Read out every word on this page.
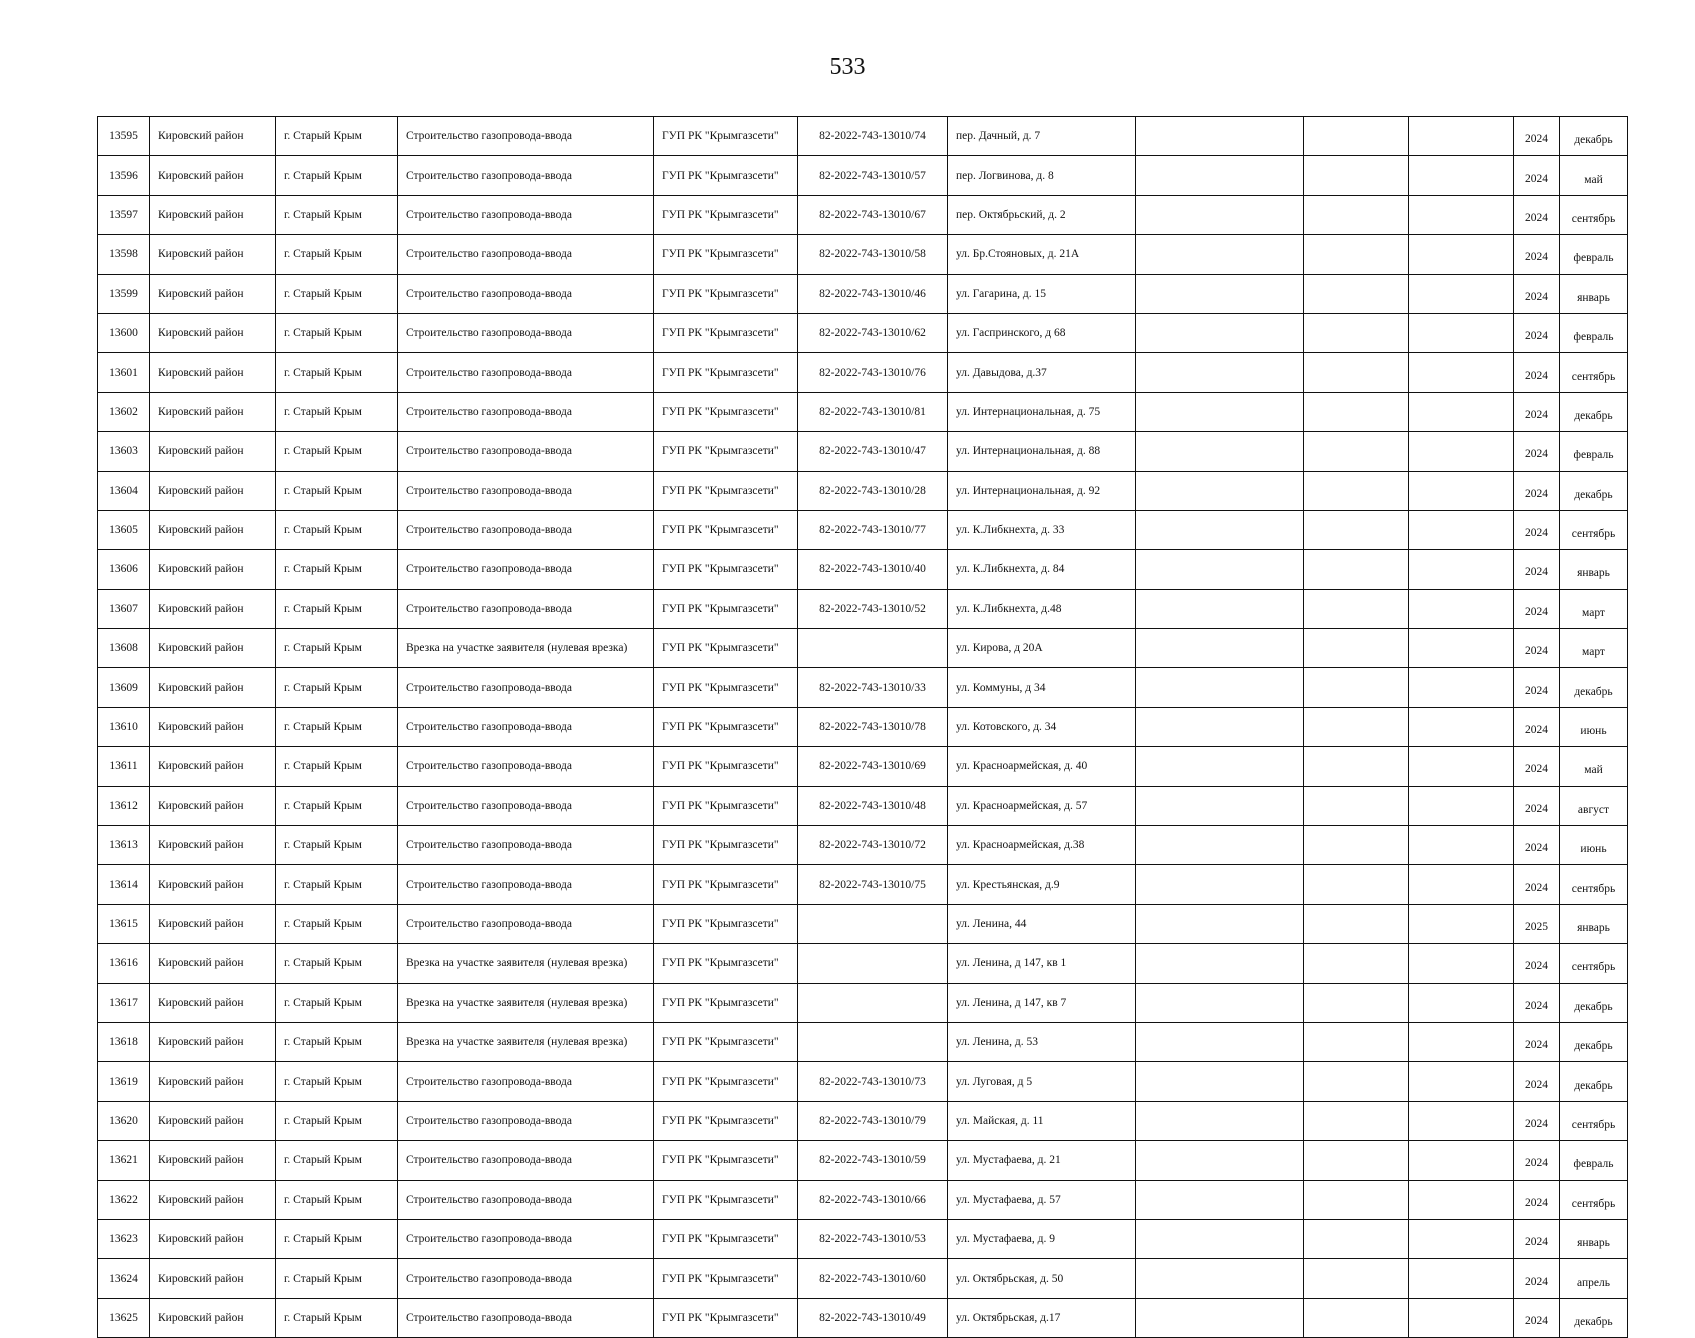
533
13595	Кировский район	г. Старый Крым	Строительство газопровода-ввода	ГУП РК "Крымгазсети"	82-2022-743-13010/74	пер. Дачный, д. 7				2024	декабрь
13596	Кировский район	г. Старый Крым	Строительство газопровода-ввода	ГУП РК "Крымгазсети"	82-2022-743-13010/57	пер. Логвинова, д. 8				2024	май
13597	Кировский район	г. Старый Крым	Строительство газопровода-ввода	ГУП РК "Крымгазсети"	82-2022-743-13010/67	пер. Октябрьский, д. 2				2024	сентябрь
13598	Кировский район	г. Старый Крым	Строительство газопровода-ввода	ГУП РК "Крымгазсети"	82-2022-743-13010/58	ул. Бр.Стояновых, д. 21А				2024	февраль
13599	Кировский район	г. Старый Крым	Строительство газопровода-ввода	ГУП РК "Крымгазсети"	82-2022-743-13010/46	ул. Гагарина, д. 15				2024	январь
13600	Кировский район	г. Старый Крым	Строительство газопровода-ввода	ГУП РК "Крымгазсети"	82-2022-743-13010/62	ул. Гаспринского, д 68				2024	февраль
13601	Кировский район	г. Старый Крым	Строительство газопровода-ввода	ГУП РК "Крымгазсети"	82-2022-743-13010/76	ул. Давыдова, д.37				2024	сентябрь
13602	Кировский район	г. Старый Крым	Строительство газопровода-ввода	ГУП РК "Крымгазсети"	82-2022-743-13010/81	ул. Интернациональная, д. 75				2024	декабрь
13603	Кировский район	г. Старый Крым	Строительство газопровода-ввода	ГУП РК "Крымгазсети"	82-2022-743-13010/47	ул. Интернациональная, д. 88				2024	февраль
13604	Кировский район	г. Старый Крым	Строительство газопровода-ввода	ГУП РК "Крымгазсети"	82-2022-743-13010/28	ул. Интернациональная, д. 92				2024	декабрь
13605	Кировский район	г. Старый Крым	Строительство газопровода-ввода	ГУП РК "Крымгазсети"	82-2022-743-13010/77	ул. К.Либкнехта, д. 33				2024	сентябрь
13606	Кировский район	г. Старый Крым	Строительство газопровода-ввода	ГУП РК "Крымгазсети"	82-2022-743-13010/40	ул. К.Либкнехта, д. 84				2024	январь
13607	Кировский район	г. Старый Крым	Строительство газопровода-ввода	ГУП РК "Крымгазсети"	82-2022-743-13010/52	ул. К.Либкнехта, д.48				2024	март
13608	Кировский район	г. Старый Крым	Врезка на участке заявителя (нулевая врезка)	ГУП РК "Крымгазсети"		ул. Кирова, д 20А				2024	март
13609	Кировский район	г. Старый Крым	Строительство газопровода-ввода	ГУП РК "Крымгазсети"	82-2022-743-13010/33	ул. Коммуны, д 34				2024	декабрь
13610	Кировский район	г. Старый Крым	Строительство газопровода-ввода	ГУП РК "Крымгазсети"	82-2022-743-13010/78	ул. Котовского, д. 34				2024	июнь
13611	Кировский район	г. Старый Крым	Строительство газопровода-ввода	ГУП РК "Крымгазсети"	82-2022-743-13010/69	ул. Красноармейская, д. 40				2024	май
13612	Кировский район	г. Старый Крым	Строительство газопровода-ввода	ГУП РК "Крымгазсети"	82-2022-743-13010/48	ул. Красноармейская, д. 57				2024	август
13613	Кировский район	г. Старый Крым	Строительство газопровода-ввода	ГУП РК "Крымгазсети"	82-2022-743-13010/72	ул. Красноармейская, д.38				2024	июнь
13614	Кировский район	г. Старый Крым	Строительство газопровода-ввода	ГУП РК "Крымгазсети"	82-2022-743-13010/75	ул. Крестьянская, д.9				2024	сентябрь
13615	Кировский район	г. Старый Крым	Строительство газопровода-ввода	ГУП РК "Крымгазсети"		ул. Ленина, 44				2025	январь
13616	Кировский район	г. Старый Крым	Врезка на участке заявителя (нулевая врезка)	ГУП РК "Крымгазсети"		ул. Ленина, д 147, кв 1				2024	сентябрь
13617	Кировский район	г. Старый Крым	Врезка на участке заявителя (нулевая врезка)	ГУП РК "Крымгазсети"		ул. Ленина, д 147, кв 7				2024	декабрь
13618	Кировский район	г. Старый Крым	Врезка на участке заявителя (нулевая врезка)	ГУП РК "Крымгазсети"		ул. Ленина, д. 53				2024	декабрь
13619	Кировский район	г. Старый Крым	Строительство газопровода-ввода	ГУП РК "Крымгазсети"	82-2022-743-13010/73	ул. Луговая, д 5				2024	декабрь
13620	Кировский район	г. Старый Крым	Строительство газопровода-ввода	ГУП РК "Крымгазсети"	82-2022-743-13010/79	ул. Майская, д. 11				2024	сентябрь
13621	Кировский район	г. Старый Крым	Строительство газопровода-ввода	ГУП РК "Крымгазсети"	82-2022-743-13010/59	ул. Мустафаева, д. 21				2024	февраль
13622	Кировский район	г. Старый Крым	Строительство газопровода-ввода	ГУП РК "Крымгазсети"	82-2022-743-13010/66	ул. Мустафаева, д. 57				2024	сентябрь
13623	Кировский район	г. Старый Крым	Строительство газопровода-ввода	ГУП РК "Крымгазсети"	82-2022-743-13010/53	ул. Мустафаева, д. 9				2024	январь
13624	Кировский район	г. Старый Крым	Строительство газопровода-ввода	ГУП РК "Крымгазсети"	82-2022-743-13010/60	ул. Октябрьская, д. 50				2024	апрель
13625	Кировский район	г. Старый Крым	Строительство газопровода-ввода	ГУП РК "Крымгазсети"	82-2022-743-13010/49	ул. Октябрьская, д.17				2024	декабрь
